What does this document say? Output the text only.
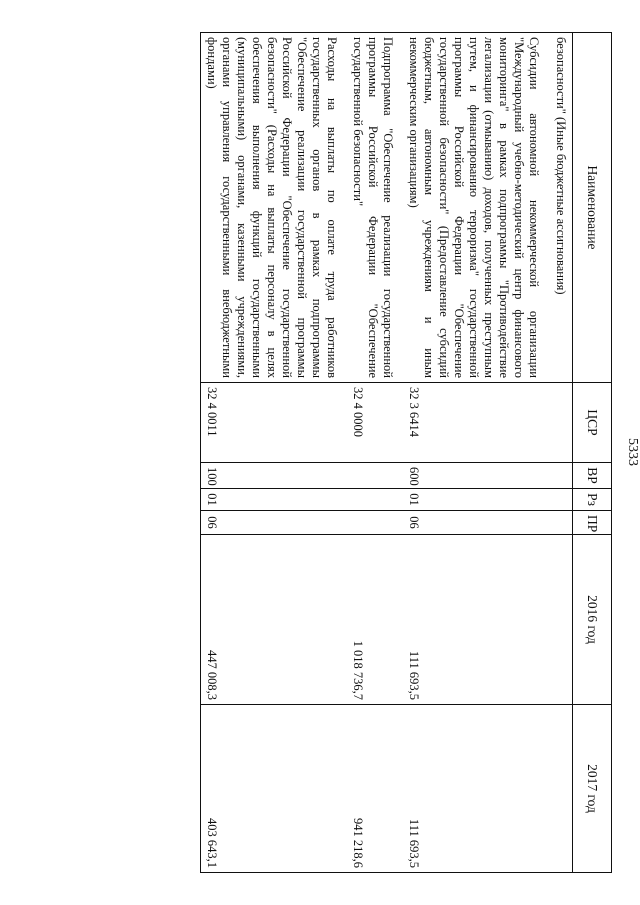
5333
Наименование	ЦСР	ВР	Рз	ПР	2016 год	2017 год
безопасности" (Иные бюджетные ассигнования)						
Субсидии автономной некоммерческой организации "Международный учебно-методический центр финансового мониторинга" в рамках подпрограммы "Противодействие легализации (отмыванию) доходов, полученных преступным путем, и финансированию терроризма" государственной программы Российской Федерации "Обеспечение государственной безопасности" (Предоставление субсидий бюджетным, автономным учреждениям и иным некоммерческим организациям)	32 3 6414	600	01	06	111 693,5	111 693,5
Подпрограмма "Обеспечение реализации государственной программы Российской Федерации "Обеспечение государственной безопасности"	32 4 0000				1 018 736,7	941 218,6
Расходы на выплаты по оплате труда работников государственных органов в рамках подпрограммы "Обеспечение реализации государственной программы Российской Федерации "Обеспечение государственной безопасности" (Расходы на выплаты персоналу в целях обеспечения выполнения функций государственными (муниципальными) органами, казенными учреждениями, органами управления государственными внебюджетными фондами)	32 4 0011	100	01	06	447 008,3	403 643,1
